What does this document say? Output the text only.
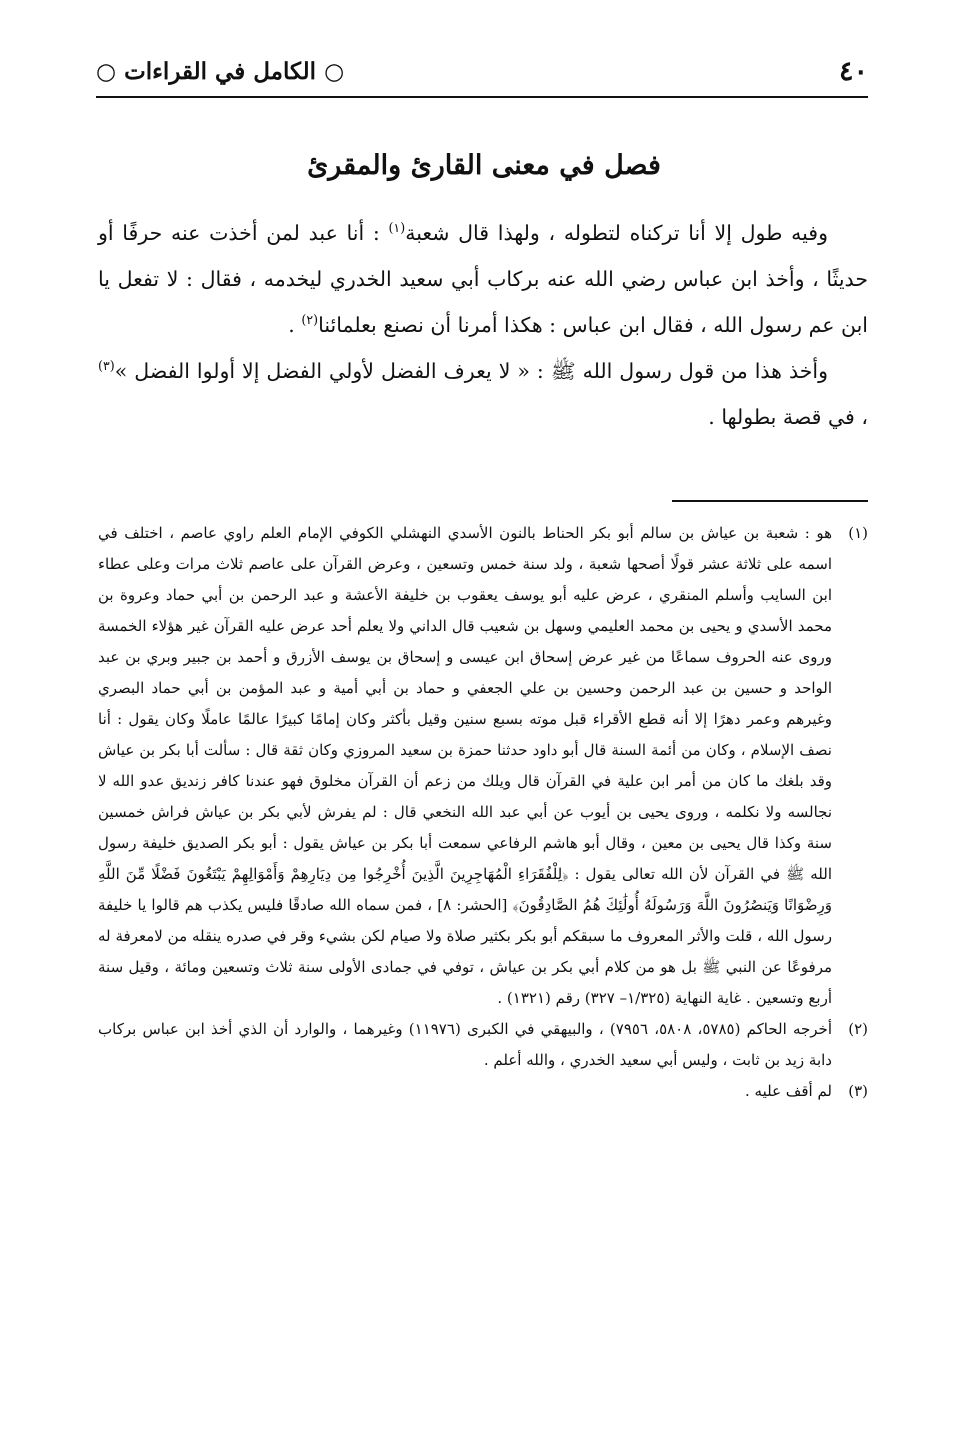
٤٠
○ الكامل في القراءات ○
فصل في معنى القارئ والمقرئ

وفيه طول إلا أنا تركناه لتطوله ، ولهذا قال شعبة$^{(١)}$ : أنا عبد لمن أخذت عنه حرفًا أو حديثًا ، وأخذ ابن عباس رضي الله عنه بركاب أبي سعيد الخدري ليخدمه ، فقال : لا تفعل يا ابن عم رسول الله ، فقال ابن عباس : هكذا أمرنا أن نصنع بعلمائنا$^{(٢)}$ .

وأخذ هذا من قول رسول الله ﷺ : « لا يعرف الفضل لأولي الفضل إلا أولوا الفضل »$^{(٣)}$ ، في قصة بطولها .

(١)
هو : شعبة بن عياش بن سالم أبو بكر الحناط بالنون الأسدي النهشلي الكوفي الإمام العلم راوي عاصم ، اختلف في اسمه على ثلاثة عشر قولًا أصحها شعبة ، ولد سنة خمس وتسعين ، وعرض القرآن على عاصم ثلاث مرات وعلى عطاء ابن السايب وأسلم المنقري ، عرض عليه أبو يوسف يعقوب بن خليفة الأعشة و عبد الرحمن بن أبي حماد وعروة بن محمد الأسدي و يحيى بن محمد العليمي وسهل بن شعيب قال الداني ولا يعلم أحد عرض عليه القرآن غير هؤلاء الخمسة وروى عنه الحروف سماعًا من غير عرض إسحاق ابن عيسى و إسحاق بن يوسف الأزرق و أحمد بن جبير وبري بن عبد الواحد و حسين بن عبد الرحمن وحسين بن علي الجعفي و حماد بن أبي أمية و عبد المؤمن بن أبي حماد البصري وغيرهم وعمر دهرًا إلا أنه قطع الأقراء قبل موته بسبع سنين وقيل بأكثر وكان إمامًا كبيرًا عالمًا عاملًا وكان يقول : أنا نصف الإسلام ، وكان من أئمة السنة قال أبو داود حدثنا حمزة بن سعيد المروزي وكان ثقة قال : سألت أبا بكر بن عياش وقد بلغك ما كان من أمر ابن علية في القرآن قال ويلك من زعم أن القرآن مخلوق فهو عندنا كافر زنديق عدو الله لا نجالسه ولا نكلمه ، وروى يحيى بن أيوب عن أبي عبد الله النخعي قال : لم يفرش لأبي بكر بن عياش فراش خمسين سنة وكذا قال يحيى بن معين ، وقال أبو هاشم الرفاعي سمعت أبا بكر بن عياش يقول : أبو بكر الصديق خليفة رسول الله ﷺ في القرآن لأن الله تعالى يقول : ﴿لِلْفُقَرَاءِ الْمُهَاجِرِينَ الَّذِينَ أُخْرِجُوا مِن دِيَارِهِمْ وَأَمْوَالِهِمْ يَبْتَغُونَ فَضْلًا مِّنَ اللَّهِ وَرِضْوَانًا وَيَنصُرُونَ اللَّهَ وَرَسُولَهُ أُولَٰئِكَ هُمُ الصَّادِقُونَ﴾ [الحشر: ٨] ، فمن سماه الله صادقًا فليس يكذب هم قالوا يا خليفة رسول الله ، قلت والأثر المعروف ما سبقكم أبو بكر بكثير صلاة ولا صيام لكن بشيء وقر في صدره ينقله من لامعرفة له مرفوعًا عن النبي ﷺ بل هو من كلام أبي بكر بن عياش ، توفي في جمادى الأولى سنة ثلاث وتسعين ومائة ، وقيل سنة أربع وتسعين . غاية النهاية (١/٣٢٥– ٣٢٧) رقم (١٣٢١) .
(٢)
أخرجه الحاكم (٥٧٨٥، ٥٨٠٨، ٧٩٥٦) ، والبيهقي في الكبرى (١١٩٧٦) وغيرهما ، والوارد أن الذي أخذ ابن عباس بركاب دابة زيد بن ثابت ، وليس أبي سعيد الخدري ، والله أعلم .
(٣)
لم أقف عليه .
